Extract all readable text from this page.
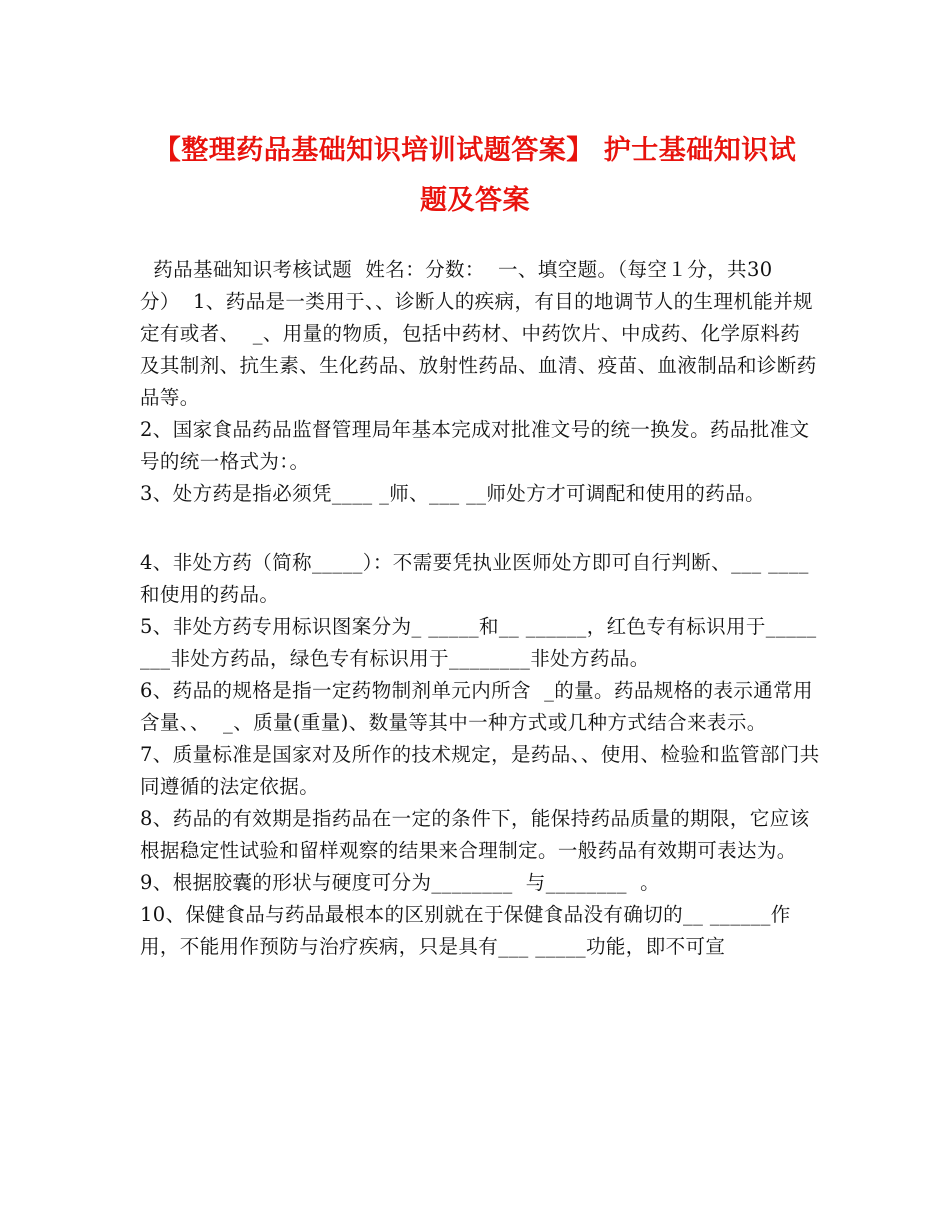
【整理药品基础知识培训试题答案】 护士基础知识试
题及答案

药品基础知识考核试题  姓名：分数：  一、填空题。（每空１分，共30分）  1、药品是一类用于、、诊断人的疾病，有目的地调节人的生理机能并规定有或者、  _、用量的物质，包括中药材、中药饮片、中成药、化学原料药及其制剂、抗生素、生化药品、放射性药品、血清、疫苗、血液制品和诊断药品等。

2、国家食品药品监督管理局年基本完成对批准文号的统一换发。药品批准文号的统一格式为：。

3、处方药是指必须凭____ _师、___ __师处方才可调配和使用的药品。

4、非处方药（简称_____）：不需要凭执业医师处方即可自行判断、___ ____和使用的药品。

5、非处方药专用标识图案分为_ _____和__ ______，红色专有标识用于________非处方药品，绿色专有标识用于________非处方药品。

6、药品的规格是指一定药物制剂单元内所含  _的量。药品规格的表示通常用含量、、  _、质量(重量)、数量等其中一种方式或几种方式结合来表示。

7、质量标准是国家对及所作的技术规定，是药品、、使用、检验和监管部门共同遵循的法定依据。

8、药品的有效期是指药品在一定的条件下，能保持药品质量的期限，它应该根据稳定性试验和留样观察的结果来合理制定。一般药品有效期可表达为。

9、根据胶囊的形状与硬度可分为________  与________  。

10、保健食品与药品最根本的区别就在于保健食品没有确切的__ ______作用，不能用作预防与治疗疾病，只是具有___ _____功能，即不可宣
